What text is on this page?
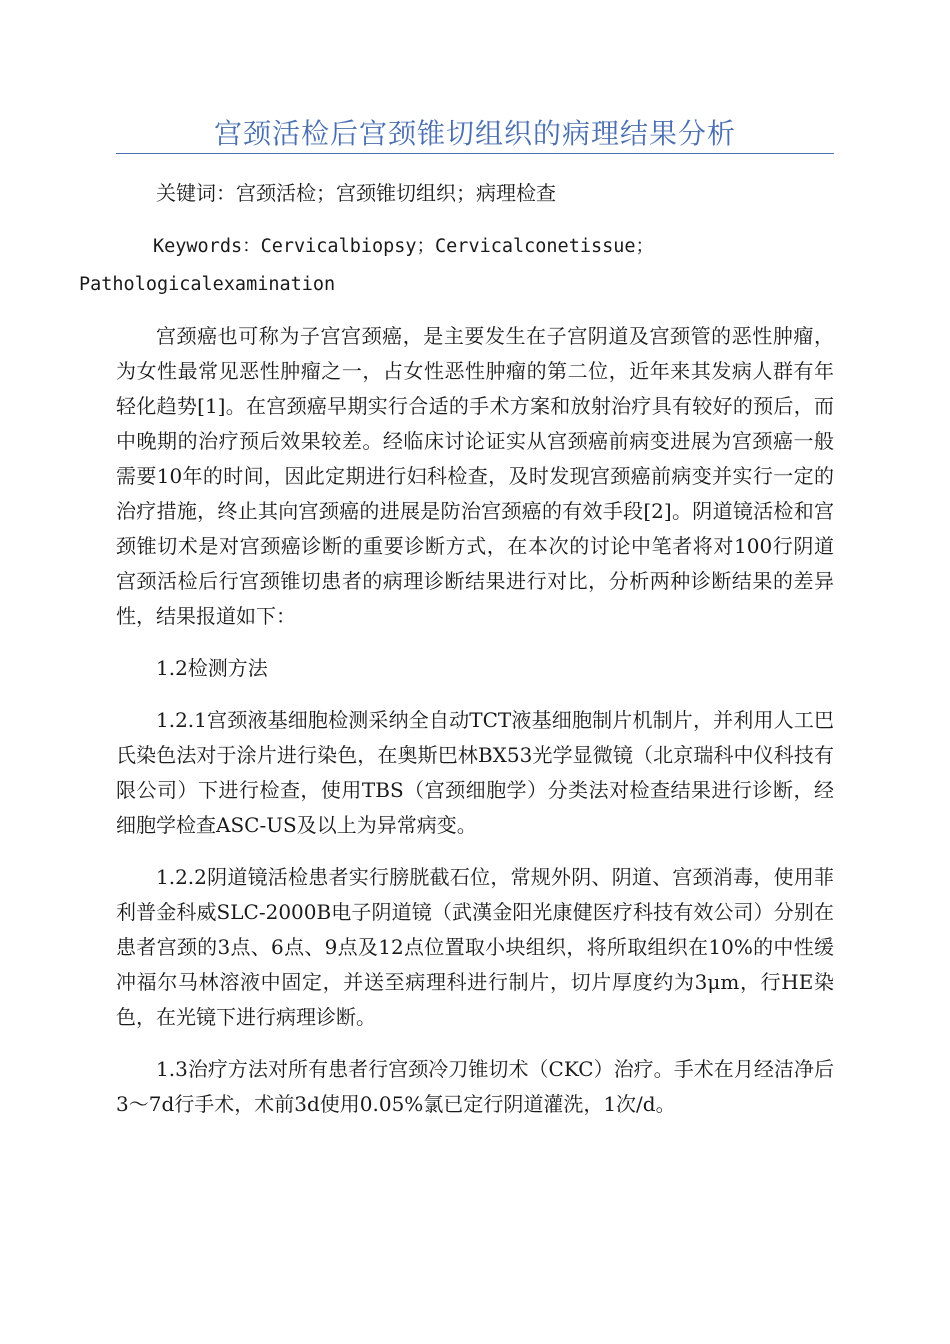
宫颈活检后宫颈锥切组织的病理结果分析

关键词：宫颈活检；宫颈锥切组织；病理检查

Keywords：Cervicalbiopsy；Cervicalconetissue；
Pathologicalexamination

宫颈癌也可称为子宫宫颈癌，是主要发生在子宫阴道及宫颈管的恶性肿瘤，为女性最常见恶性肿瘤之一，占女性恶性肿瘤的第二位，近年来其发病人群有年轻化趋势[1]。在宫颈癌早期实行合适的手术方案和放射治疗具有较好的预后，而中晚期的治疗预后效果较差。经临床讨论证实从宫颈癌前病变进展为宫颈癌一般需要10年的时间，因此定期进行妇科检查，及时发现宫颈癌前病变并实行一定的治疗措施，终止其向宫颈癌的进展是防治宫颈癌的有效手段[2]。阴道镜活检和宫颈锥切术是对宫颈癌诊断的重要诊断方式，在本次的讨论中笔者将对100行阴道宫颈活检后行宫颈锥切患者的病理诊断结果进行对比，分析两种诊断结果的差异性，结果报道如下：

1.2检测方法

1.2.1宫颈液基细胞检测采纳全自动TCT液基细胞制片机制片，并利用人工巴氏染色法对于涂片进行染色，在奥斯巴林BX53光学显微镜（北京瑞科中仪科技有限公司）下进行检查，使用TBS（宫颈细胞学）分类法对检查结果进行诊断，经细胞学检查ASC-US及以上为异常病变。

1.2.2阴道镜活检患者实行膀胱截石位，常规外阴、阴道、宫颈消毒，使用菲利普金科威SLC-2000B电子阴道镜（武漢金阳光康健医疗科技有效公司）分别在患者宫颈的3点、6点、9点及12点位置取小块组织，将所取组织在10%的中性缓冲福尔马林溶液中固定，并送至病理科进行制片，切片厚度约为3μm，行HE染色，在光镜下进行病理诊断。

1.3治疗方法对所有患者行宫颈冷刀锥切术（CKC）治疗。手术在月经洁净后3～7d行手术，术前3d使用0.05%氯已定行阴道灌洗，1次/d。
